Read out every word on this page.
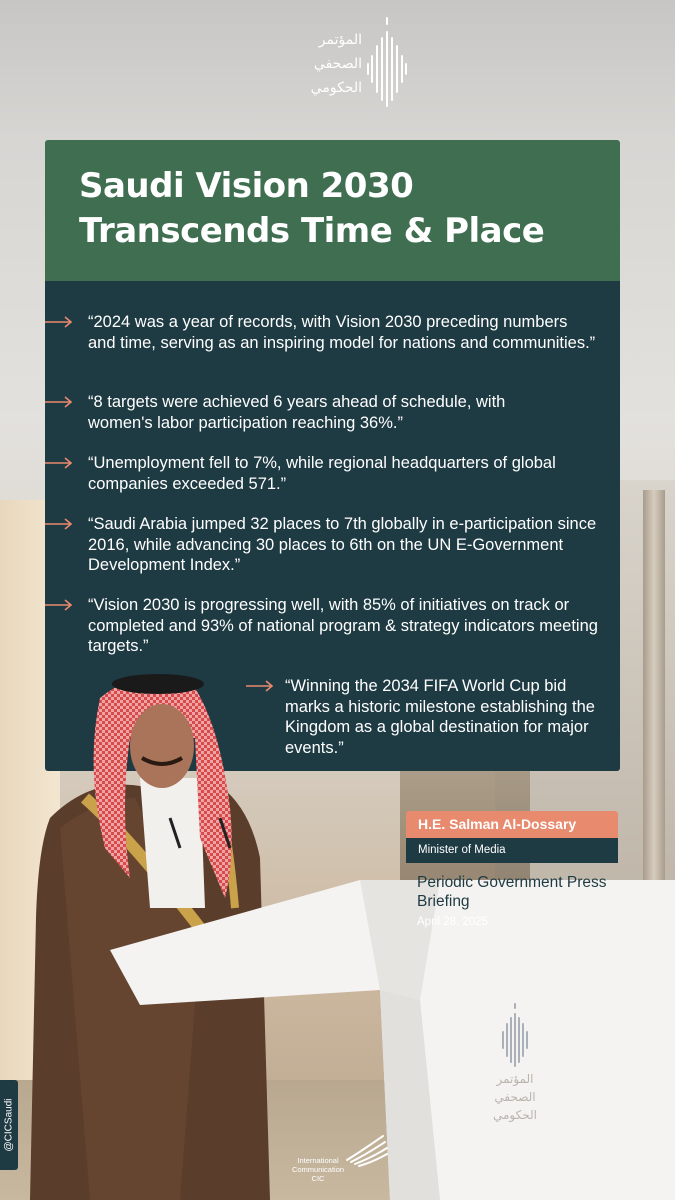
المؤتمر
الصحفي
الحكومي
Saudi Vision 2030
Transcends Time & Place
“2024 was a year of records, with Vision 2030 preceding numbers and time, serving as an inspiring model for nations and communities.”
“8 targets were achieved 6 years ahead of schedule, with women's labor participation reaching 36%.”
“Unemployment fell to 7%, while regional headquarters of global companies exceeded 571.”
“Saudi Arabia jumped 32 places to 7th globally in e-participation since 2016, while advancing 30 places to 6th on the UN E-Government Development Index.”
“Vision 2030 is progressing well, with 85% of initiatives on track or completed and 93% of national program & strategy indicators meeting targets.”
“Winning the 2034 FIFA World Cup bid marks a historic milestone establishing the Kingdom as a global destination for major events.”
H.E. Salman Al-Dossary
Minister of Media
Periodic Government Press Briefing
April 28, 2025
المؤتمر
الصحفي
الحكومي
@CICSaudi
International
Communication
CIC
